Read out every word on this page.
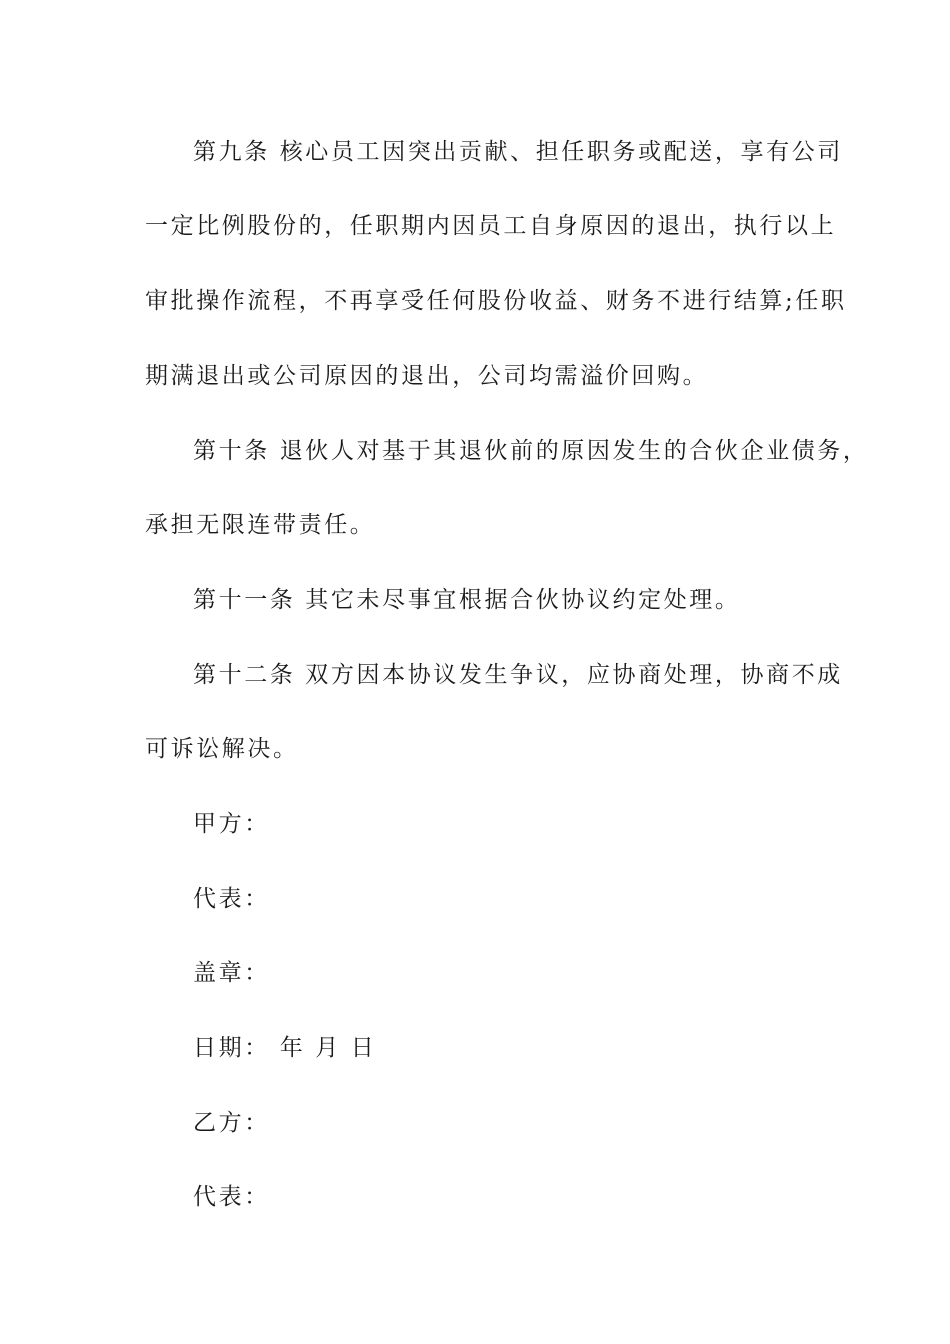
第九条 核心员工因突出贡献、担任职务或配送，享有公司
一定比例股份的，任职期内因员工自身原因的退出，执行以上
审批操作流程，不再享受任何股份收益、财务不进行结算;任职
期满退出或公司原因的退出，公司均需溢价回购。
第十条 退伙人对基于其退伙前的原因发生的合伙企业债务，
承担无限连带责任。
第十一条 其它未尽事宜根据合伙协议约定处理。
第十二条 双方因本协议发生争议，应协商处理，协商不成
可诉讼解决。
甲方：
代表：
盖章：
日期： 年 月 日
乙方：
代表：
